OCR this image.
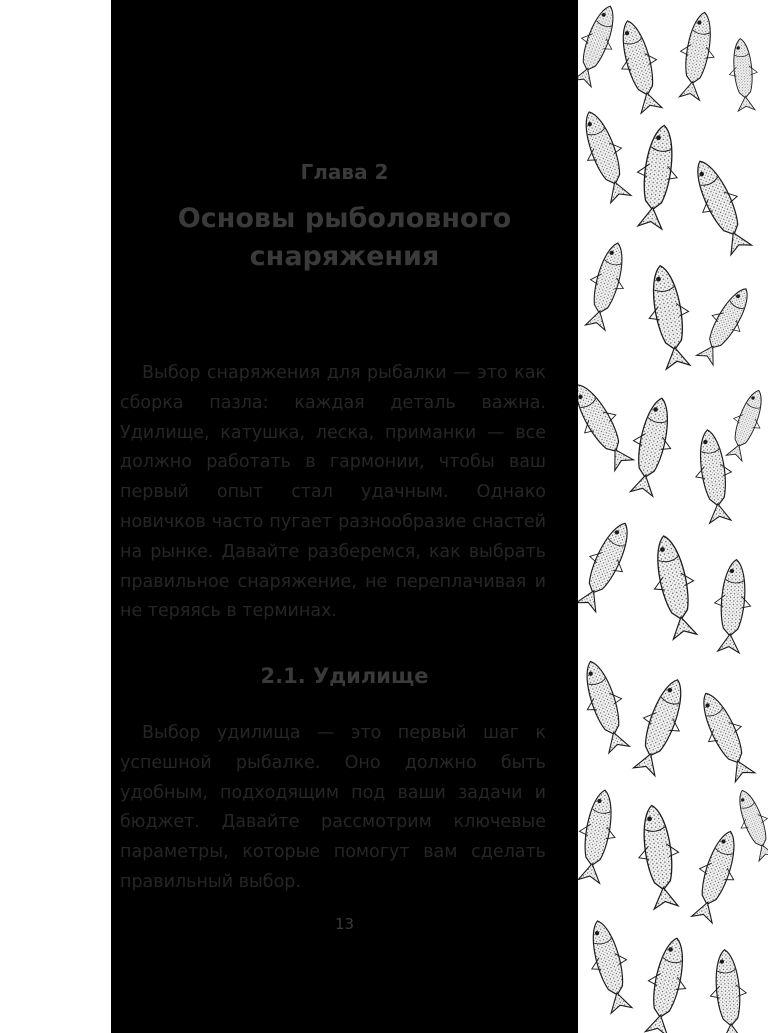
Глава 2
Основы рыболовного
снаряжения

Выбор снаряжения для рыбалки — это как сборка пазла: каждая деталь важна. Удилище, катушка, леска, приманки — все должно работать в гармонии, чтобы ваш первый опыт стал удачным. Однако новичков часто пугает разнообразие снастей на рынке. Давайте разберемся, как выбрать правильное снаряжение, не переплачивая и не теряясь в терминах.

2.1. Удилище

Выбор удилища — это первый шаг к успешной рыбалке. Оно должно быть удобным, подходящим под ваши задачи и бюджет. Давайте рассмотрим ключевые параметры, которые помогут вам сделать правильный выбор.

13
